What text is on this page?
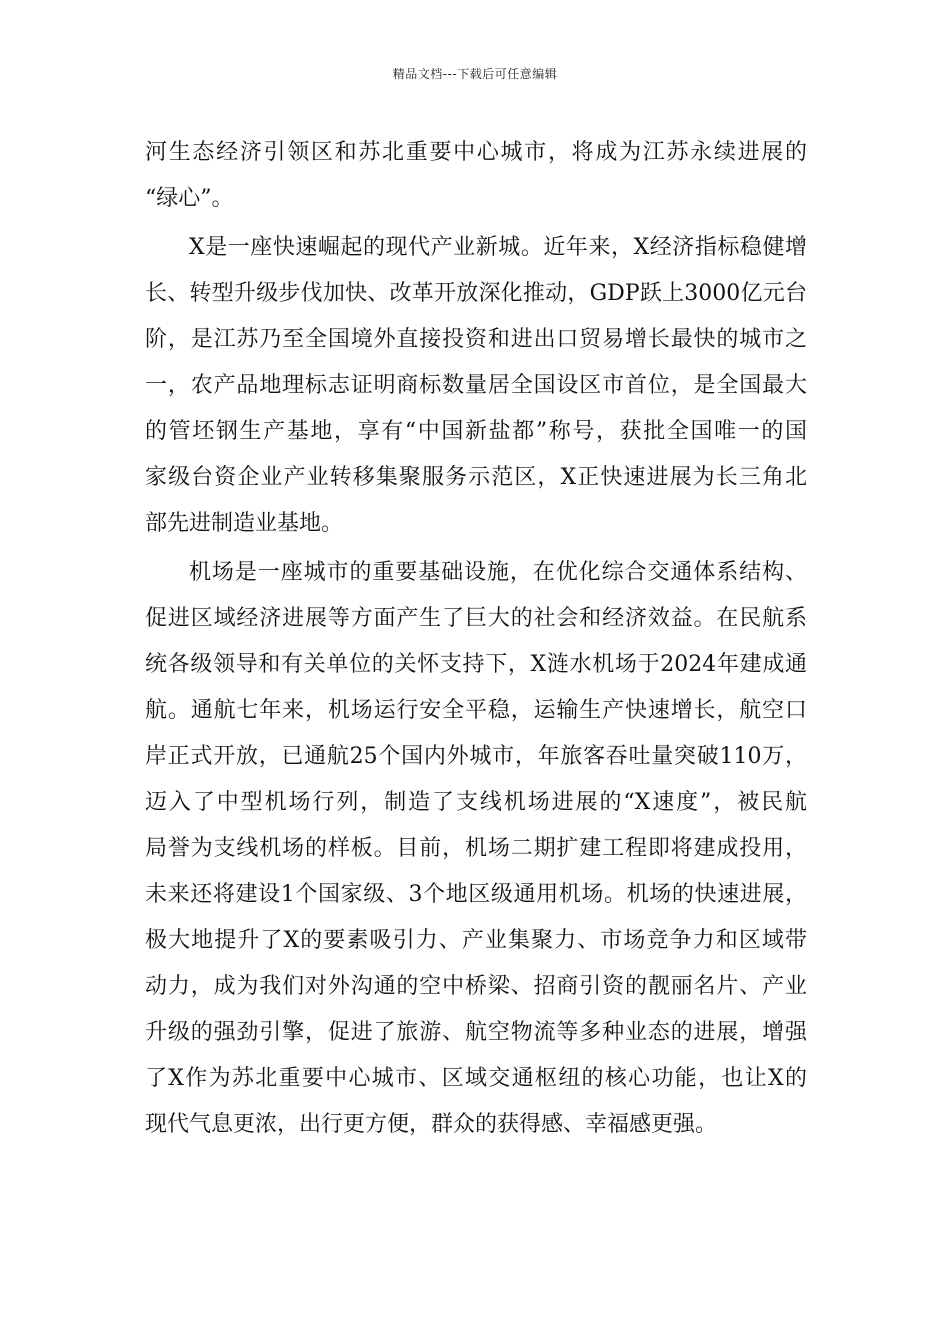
精品文档---下载后可任意编辑
河生态经济引领区和苏北重要中心城市，将成为江苏永续进展的
“绿心”。
X是一座快速崛起的现代产业新城。近年来，X经济指标稳健增
长、转型升级步伐加快、改革开放深化推动，GDP跃上3000亿元台
阶，是江苏乃至全国境外直接投资和进出口贸易增长最快的城市之
一，农产品地理标志证明商标数量居全国设区市首位，是全国最大
的管坯钢生产基地，享有“中国新盐都”称号，获批全国唯一的国
家级台资企业产业转移集聚服务示范区，X正快速进展为长三角北
部先进制造业基地。
机场是一座城市的重要基础设施，在优化综合交通体系结构、
促进区域经济进展等方面产生了巨大的社会和经济效益。在民航系
统各级领导和有关单位的关怀支持下，X涟水机场于2024年建成通
航。通航七年来，机场运行安全平稳，运输生产快速增长，航空口
岸正式开放，已通航25个国内外城市，年旅客吞吐量突破110万，
迈入了中型机场行列，制造了支线机场进展的“X速度”，被民航
局誉为支线机场的样板。目前，机场二期扩建工程即将建成投用，
未来还将建设1个国家级、3个地区级通用机场。机场的快速进展，
极大地提升了X的要素吸引力、产业集聚力、市场竞争力和区域带
动力，成为我们对外沟通的空中桥梁、招商引资的靓丽名片、产业
升级的强劲引擎，促进了旅游、航空物流等多种业态的进展，增强
了X作为苏北重要中心城市、区域交通枢纽的核心功能，也让X的
现代气息更浓，出行更方便，群众的获得感、幸福感更强。
